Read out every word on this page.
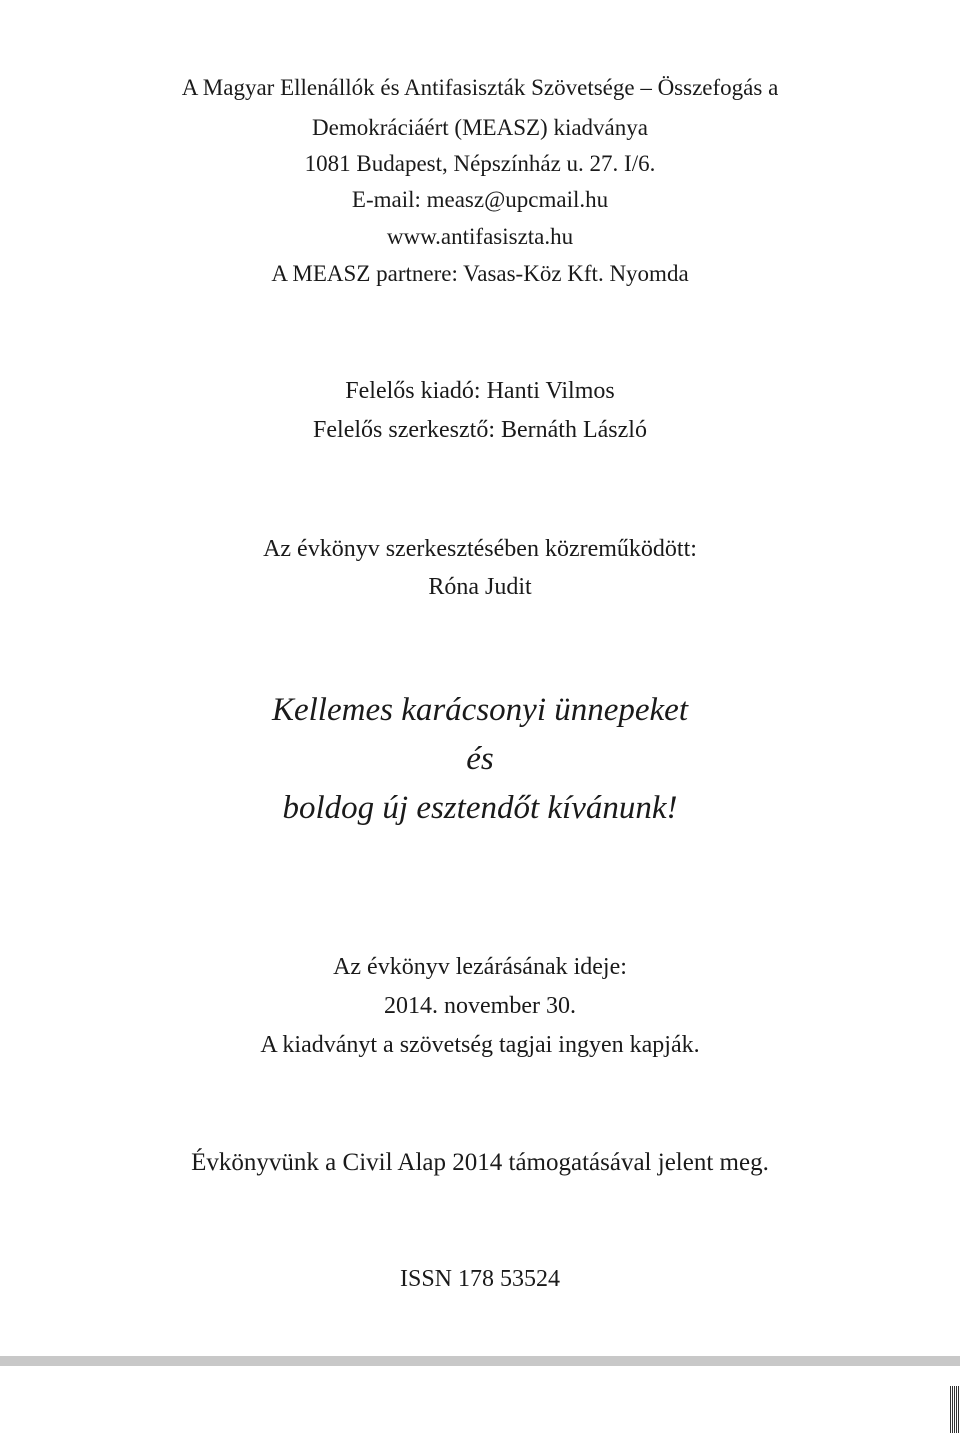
A Magyar Ellenállók és Antifasiszták Szövetsége – Összefogás a
Demokráciáért (MEASZ) kiadványa
1081 Budapest, Népszínház u. 27. I/6.
E-mail: measz@upcmail.hu
www.antifasiszta.hu
A MEASZ partnere: Vasas-Köz Kft. Nyomda
Felelős kiadó: Hanti Vilmos
Felelős szerkesztő: Bernáth László
Az évkönyv szerkesztésében közreműködött:
Róna Judit
Kellemes karácsonyi ünnepeket
és
boldog új esztendőt kívánunk!
Az évkönyv lezárásának ideje:
2014. november 30.
A kiadványt a szövetség tagjai ingyen kapják.
Évkönyvünk a Civil Alap 2014 támogatásával jelent meg.
ISSN 178 53524
